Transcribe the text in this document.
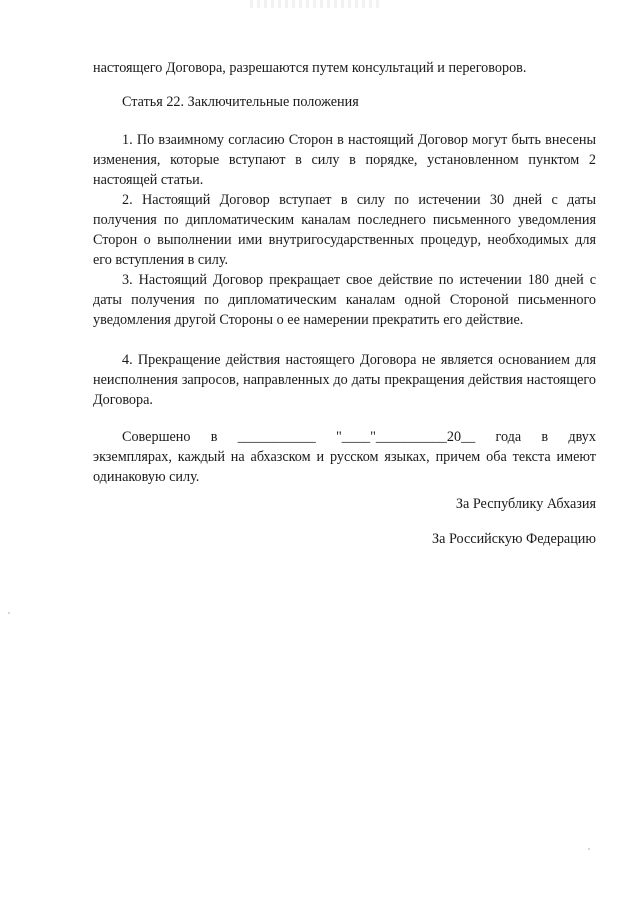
настоящего Договора, разрешаются путем консультаций и переговоров.
Статья 22. Заключительные положения
1. По взаимному согласию Сторон в настоящий Договор могут быть внесены изменения, которые вступают в силу в порядке, установленном пунктом 2 настоящей статьи.
2. Настоящий Договор вступает в силу по истечении 30 дней с даты получения по дипломатическим каналам последнего письменного уведомления Сторон о выполнении ими внутригосударственных процедур, необходимых для его вступления в силу.
3. Настоящий Договор прекращает свое действие по истечении 180 дней с даты получения по дипломатическим каналам одной Стороной письменного уведомления другой Стороны о ее намерении прекратить его действие.
4. Прекращение действия настоящего Договора не является основанием для неисполнения запросов, направленных до даты прекращения действия настоящего Договора.
Совершено в ___________ "____"__________20__ года в двух
экземплярах, каждый на абхазском и русском языках, причем оба текста имеют одинаковую силу.
За Республику Абхазия
За Российскую Федерацию
